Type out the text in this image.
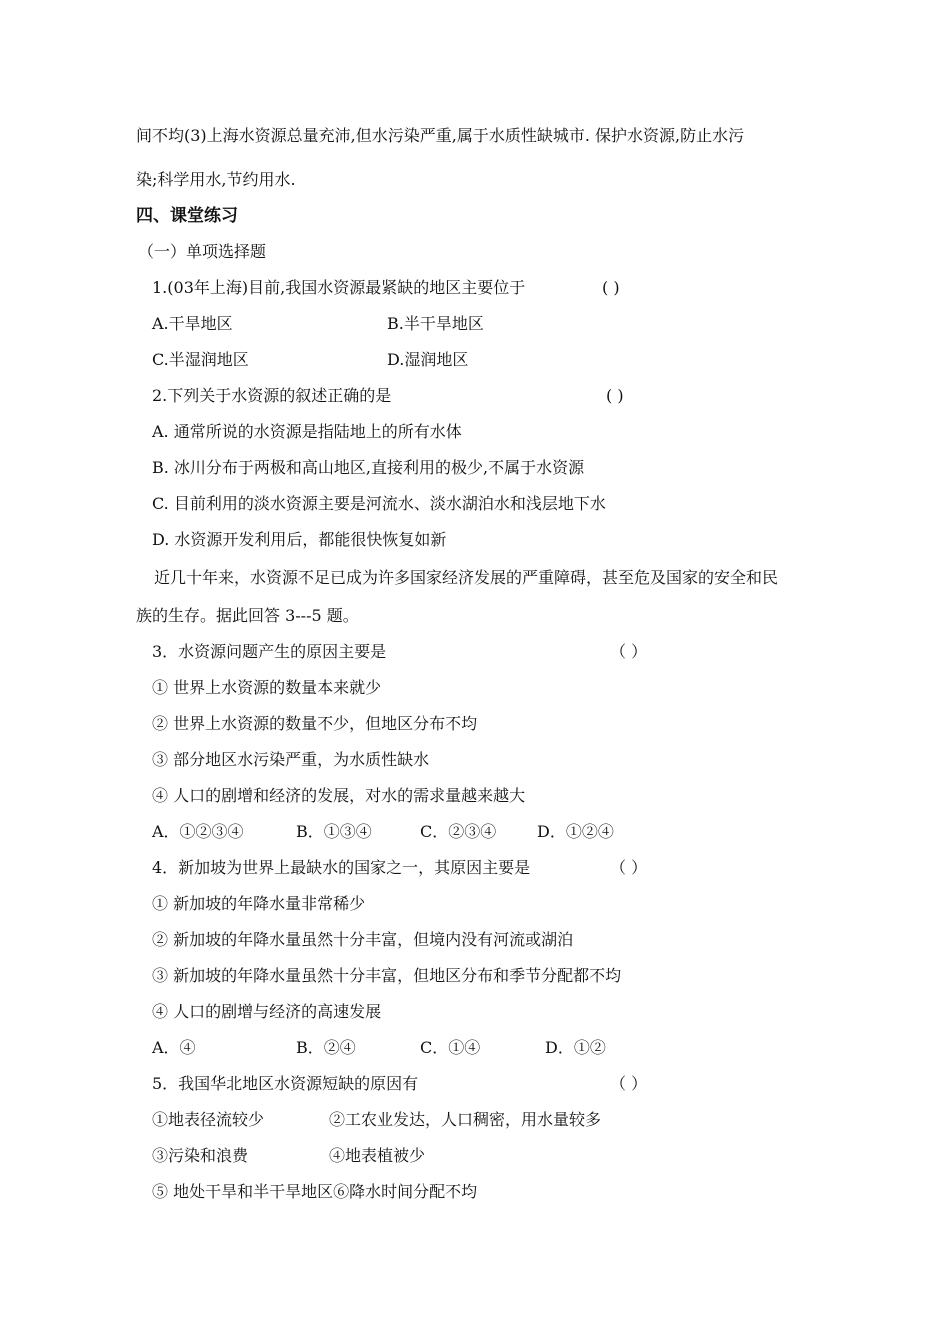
间不均(3)上海水资源总量充沛,但水污染严重,属于水质性缺城市. 保护水资源,防止水污
染;科学用水,节约用水.
四、课堂练习
（一）单项选择题
1.(03年上海)目前,我国水资源最紧缺的地区主要位于	( )
A.干旱地区	B.半干旱地区
C.半湿润地区	D.湿润地区
2.下列关于水资源的叙述正确的是	( )
A. 通常所说的水资源是指陆地上的所有水体
B. 冰川分布于两极和高山地区,直接利用的极少,不属于水资源
C. 目前利用的淡水资源主要是河流水、淡水湖泊水和浅层地下水
D. 水资源开发利用后，都能很快恢复如新
近几十年来，水资源不足已成为许多国家经济发展的严重障碍，甚至危及国家的安全和民
族的生存。据此回答 3---5 题。
3．水资源问题产生的原因主要是	（ ）
① 世界上水资源的数量本来就少
② 世界上水资源的数量不少，但地区分布不均
③ 部分地区水污染严重，为水质性缺水
④ 人口的剧增和经济的发展，对水的需求量越来越大
A．①②③④	B．①③④	C．②③④	D．①②④
4．新加坡为世界上最缺水的国家之一，其原因主要是	（ ）
① 新加坡的年降水量非常稀少
② 新加坡的年降水量虽然十分丰富，但境内没有河流或湖泊
③ 新加坡的年降水量虽然十分丰富，但地区分布和季节分配都不均
④ 人口的剧增与经济的高速发展
A．④	B．②④	C．①④	D．①②
5．我国华北地区水资源短缺的原因有	（ ）
①地表径流较少	②工农业发达，人口稠密，用水量较多
③污染和浪费	④地表植被少
⑤ 地处干旱和半干旱地区⑥降水时间分配不均
